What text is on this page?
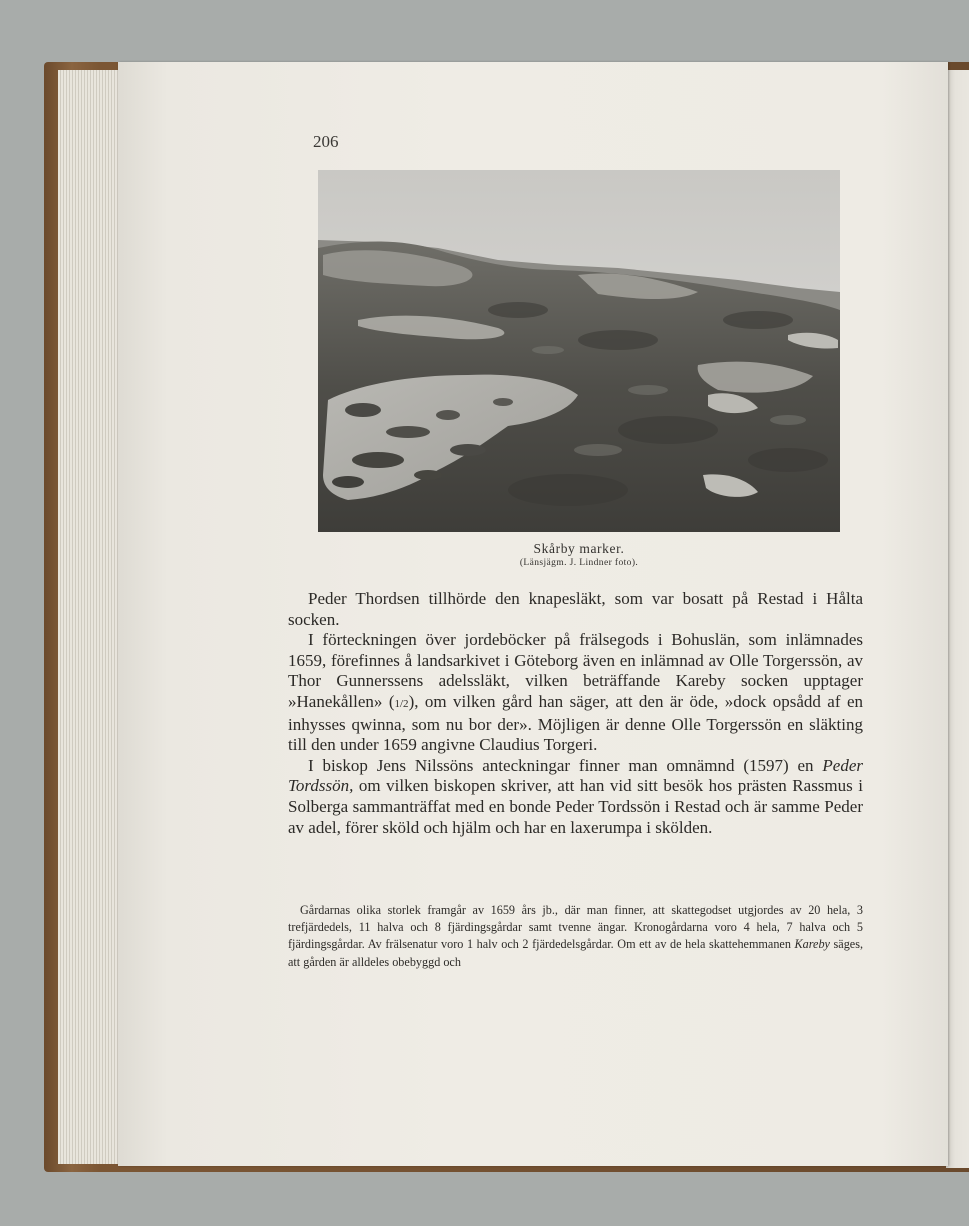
206

Skårby marker.

(Länsjägm. J. Lindner foto).

Peder Thordsen tillhörde den knapesläkt, som var bosatt på Restad i Hålta socken.

I förteckningen över jordeböcker på frälsegods i Bohuslän, som inlämnades 1659, förefinnes å landsarkivet i Göteborg även en inlämnad av Olle Torgerssön, av Thor Gunnerssens adelssläkt, vilken beträffande Kareby socken upptager »Hanekållen» (1/2), om vilken gård han säger, att den är öde, »dock opsådd af en inhysses qwinna, som nu bor der». Möjligen är denne Olle Torgerssön en släkting till den under 1659 angivne Claudius Torgeri.

I biskop Jens Nilssöns anteckningar finner man omnämnd (1597) en Peder Tordssön, om vilken biskopen skriver, att han vid sitt besök hos prästen Rassmus i Solberga sammanträffat med en bonde Peder Tordssön i Restad och är samme Peder av adel, förer sköld och hjälm och har en laxerumpa i skölden.

Gårdarnas olika storlek framgår av 1659 års jb., där man finner, att skattegodset utgjordes av 20 hela, 3 trefjärdedels, 11 halva och 8 fjärdingsgårdar samt tvenne ängar. Kronogårdarna voro 4 hela, 7 halva och 5 fjärdingsgårdar. Av frälsenatur voro 1 halv och 2 fjärdedelsgårdar. Om ett av de hela skattehemmanen Kareby säges, att gården är alldeles obebyggd och
